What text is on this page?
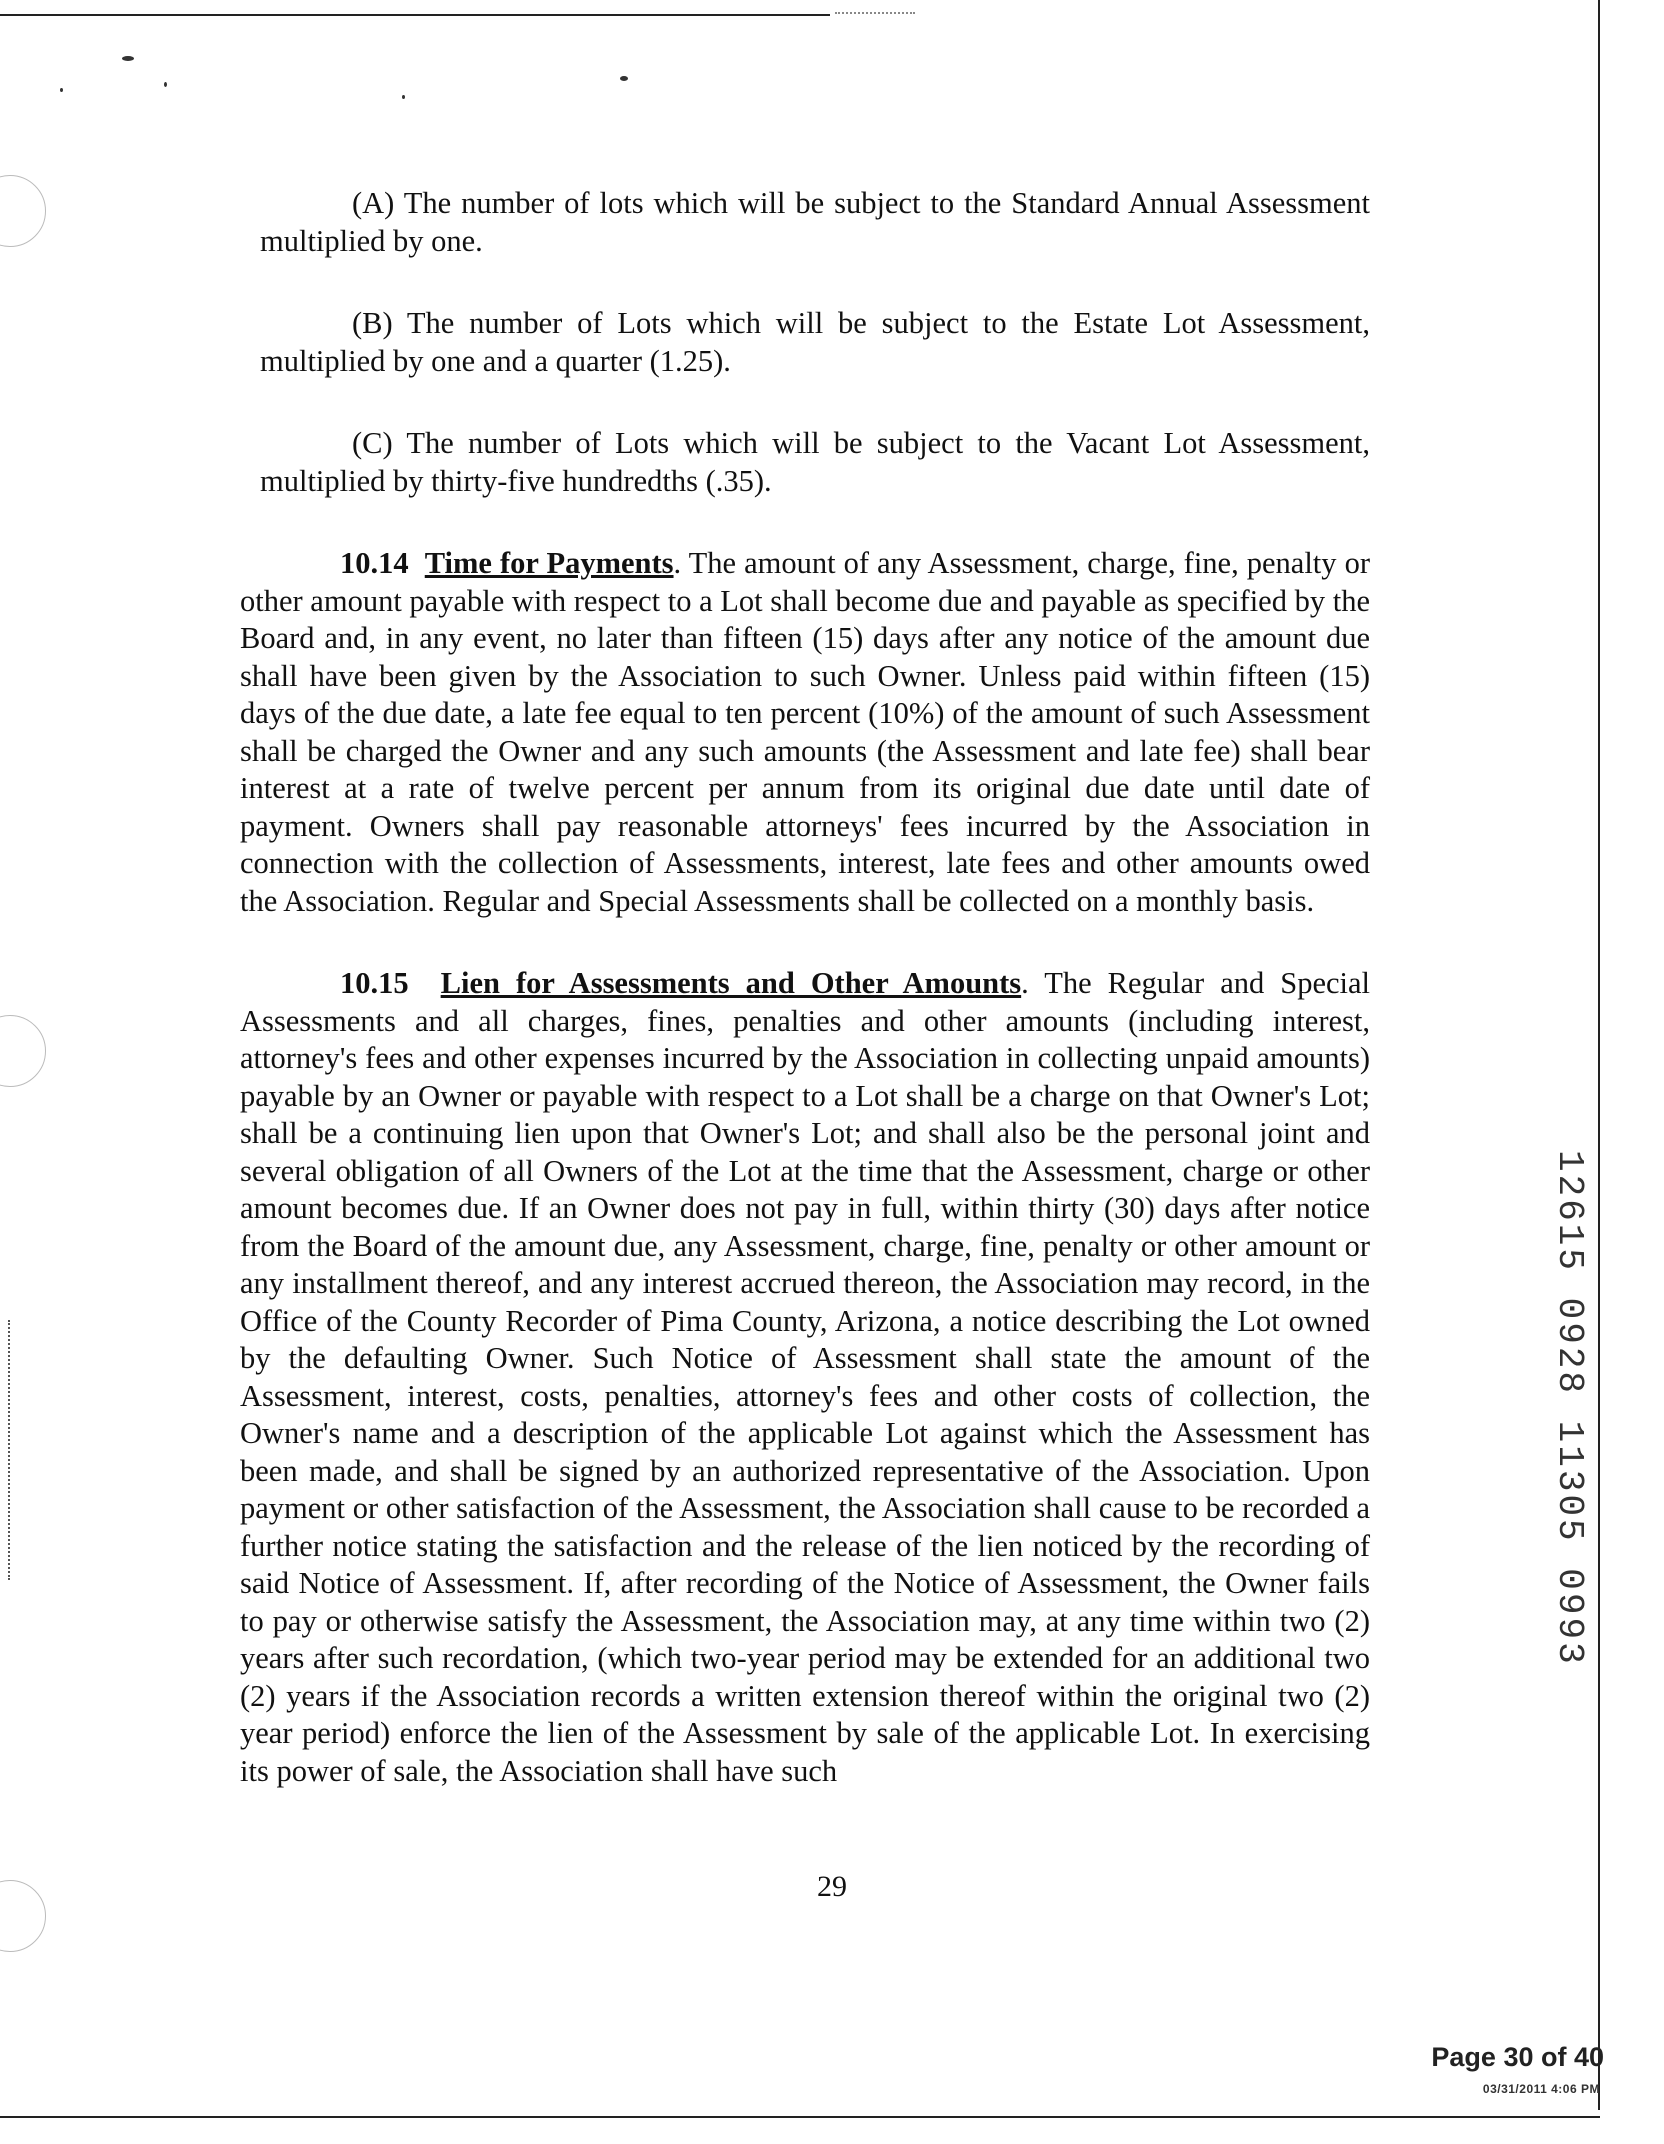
(A) The number of lots which will be subject to the Standard Annual Assessment multiplied by one.

(B) The number of Lots which will be subject to the Estate Lot Assessment, multiplied by one and a quarter (1.25).

(C) The number of Lots which will be subject to the Vacant Lot Assessment, multiplied by thirty-five hundredths (.35).

10.14 Time for Payments. The amount of any Assessment, charge, fine, penalty or other amount payable with respect to a Lot shall become due and payable as specified by the Board and, in any event, no later than fifteen (15) days after any notice of the amount due shall have been given by the Association to such Owner. Unless paid within fifteen (15) days of the due date, a late fee equal to ten percent (10%) of the amount of such Assessment shall be charged the Owner and any such amounts (the Assessment and late fee) shall bear interest at a rate of twelve percent per annum from its original due date until date of payment. Owners shall pay reasonable attorneys' fees incurred by the Association in connection with the collection of Assessments, interest, late fees and other amounts owed the Association. Regular and Special Assessments shall be collected on a monthly basis.

10.15 Lien for Assessments and Other Amounts. The Regular and Special Assessments and all charges, fines, penalties and other amounts (including interest, attorney's fees and other expenses incurred by the Association in collecting unpaid amounts) payable by an Owner or payable with respect to a Lot shall be a charge on that Owner's Lot; shall be a continuing lien upon that Owner's Lot; and shall also be the personal joint and several obligation of all Owners of the Lot at the time that the Assessment, charge or other amount becomes due. If an Owner does not pay in full, within thirty (30) days after notice from the Board of the amount due, any Assessment, charge, fine, penalty or other amount or any installment thereof, and any interest accrued thereon, the Association may record, in the Office of the County Recorder of Pima County, Arizona, a notice describing the Lot owned by the defaulting Owner. Such Notice of Assessment shall state the amount of the Assessment, interest, costs, penalties, attorney's fees and other costs of collection, the Owner's name and a description of the applicable Lot against which the Assessment has been made, and shall be signed by an authorized representative of the Association. Upon payment or other satisfaction of the Assessment, the Association shall cause to be recorded a further notice stating the satisfaction and the release of the lien noticed by the recording of said Notice of Assessment. If, after recording of the Notice of Assessment, the Owner fails to pay or otherwise satisfy the Assessment, the Association may, at any time within two (2) years after such recordation, (which two-year period may be extended for an additional two (2) years if the Association records a written extension thereof within the original two (2) year period) enforce the lien of the Assessment by sale of the applicable Lot. In exercising its power of sale, the Association shall have such

29
12615 0928 11305 0993
Page 30 of 40
03/31/2011 4:06 PM
